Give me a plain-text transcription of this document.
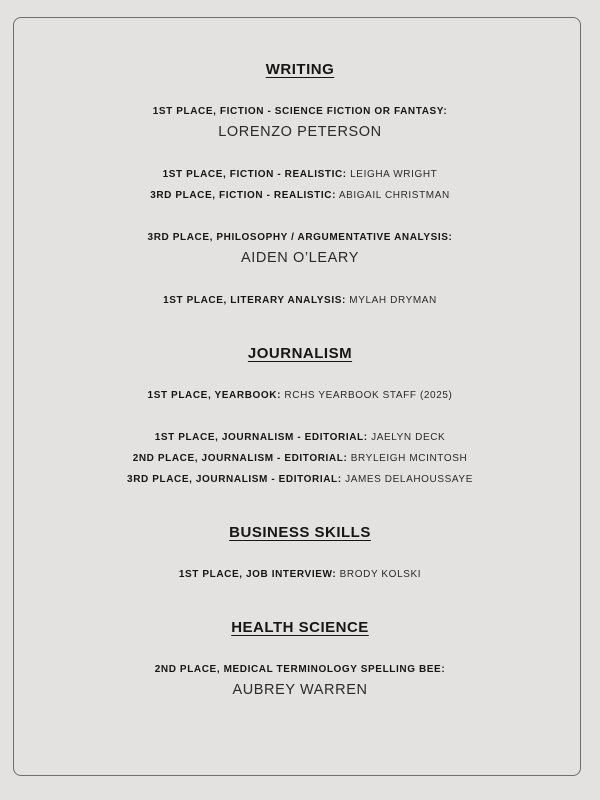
WRITING
1ST PLACE, FICTION - SCIENCE FICTION OR FANTASY:
LORENZO PETERSON
1ST PLACE, FICTION - REALISTIC: LEIGHA WRIGHT
3RD PLACE, FICTION - REALISTIC: ABIGAIL CHRISTMAN
3RD PLACE, PHILOSOPHY / ARGUMENTATIVE ANALYSIS:
AIDEN O’LEARY
1ST PLACE, LITERARY ANALYSIS: MYLAH DRYMAN
JOURNALISM
1ST PLACE, YEARBOOK: RCHS YEARBOOK STAFF (2025)
1ST PLACE, JOURNALISM - EDITORIAL: JAELYN DECK
2ND PLACE, JOURNALISM - EDITORIAL: BRYLEIGH MCINTOSH
3RD PLACE, JOURNALISM - EDITORIAL: JAMES DELAHOUSSAYE
BUSINESS SKILLS
1ST PLACE, JOB INTERVIEW: BRODY KOLSKI
HEALTH SCIENCE
2ND PLACE, MEDICAL TERMINOLOGY SPELLING BEE:
AUBREY WARREN
